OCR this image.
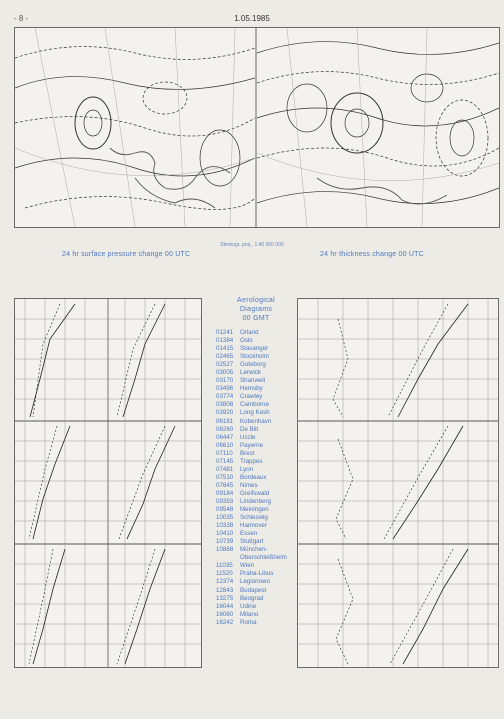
- 8 -	1.05.1985
Stereogr. proj., 1:40 000 000
24 hr surface pressure change 00 UTC	24 hr thickness change 00 UTC
Aerological
Diagrams
00 GMT
01241	Orland
01384	Oslo
01415	Stavanger
02465	Stockholm
02527	Goteborg
03005	Lerwick
03170	Shanwell
03496	Hemsby
03774	Crawley
03808	Camborne
03920	Long Kesh
06181	Kobenhavn
06260	De Bilt
06447	Uccle
06610	Payerne
07110	Brest
07145	Trappes
07481	Lyon
07510	Bordeaux
07645	Nimes
09184	Greifswald
09393	Lindenberg
09548	Meiningen
10035	Schleswig
10338	Hannover
10410	Essen
10739	Stuttgart
10868	München-
Oberschleißheim
11035	Wien
11520	Praha-Libus
12374	Legionowo
12843	Budapest
13275	Beograd
16044	Udine
16080	Milano
16242	Roma
